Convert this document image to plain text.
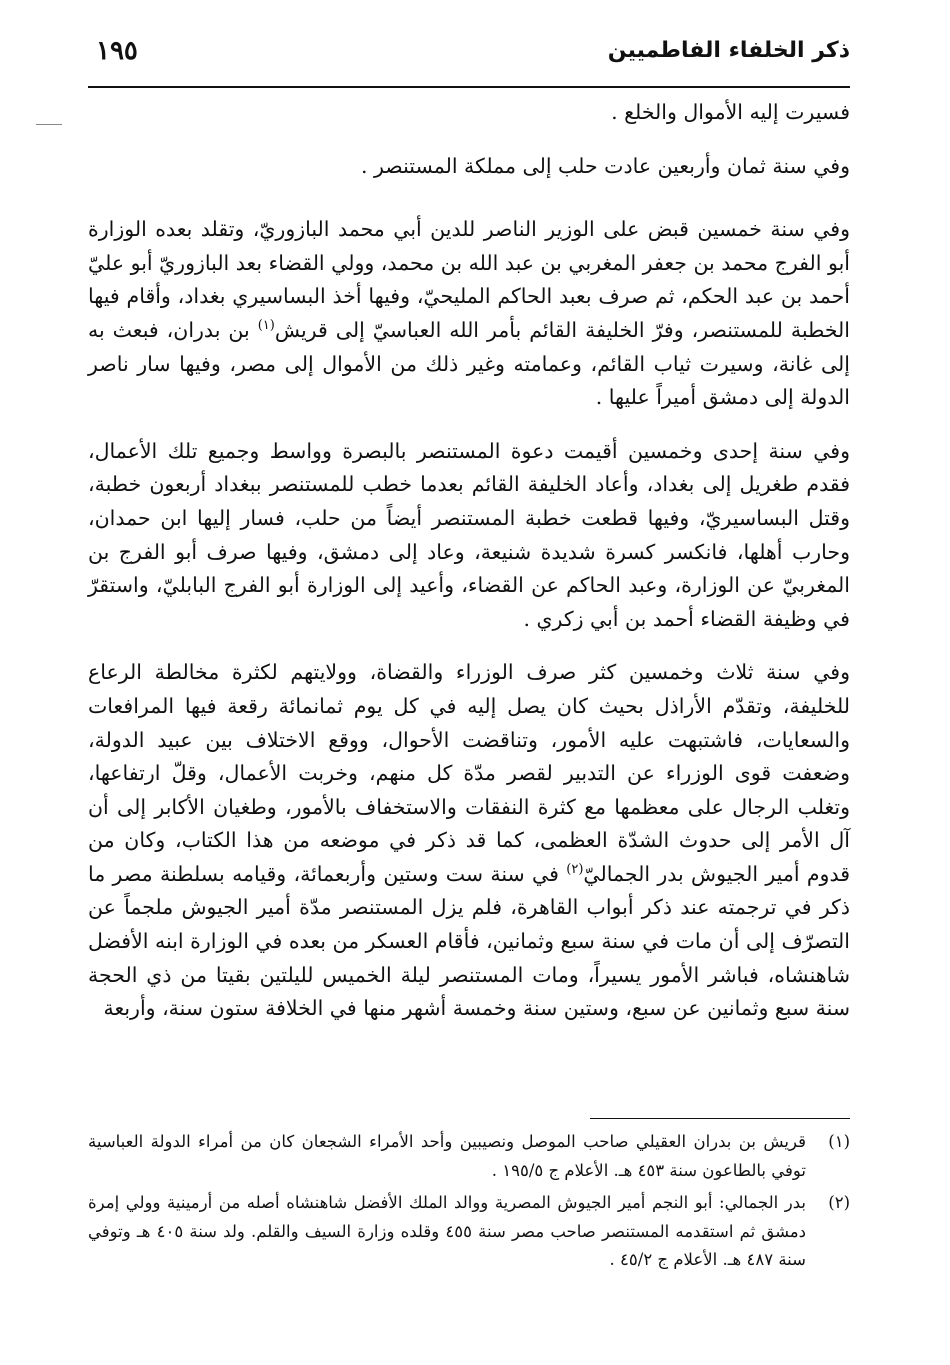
ذكر الخلفاء الفاطميين
١٩٥

فسيرت إليه الأموال والخلع .

وفي سنة ثمان وأربعين عادت حلب إلى مملكة المستنصر .

وفي سنة خمسين قبض على الوزير الناصر للدين أبي محمد البازوريّ، وتقلد بعده الوزارة أبو الفرج محمد بن جعفر المغربي بن عبد الله بن محمد، وولي القضاء بعد البازوريّ أبو عليّ أحمد بن عبد الحكم، ثم صرف بعبد الحاكم المليحيّ، وفيها أخذ البساسيري بغداد، وأقام فيها الخطبة للمستنصر، وفرّ الخليفة القائم بأمر الله العباسيّ إلى قريش$^{(١)}$ بن بدران، فبعث به إلى غانة، وسيرت ثياب القائم، وعمامته وغير ذلك من الأموال إلى مصر، وفيها سار ناصر الدولة إلى دمشق أميراً عليها .

وفي سنة إحدى وخمسين أقيمت دعوة المستنصر بالبصرة وواسط وجميع تلك الأعمال، فقدم طغريل إلى بغداد، وأعاد الخليفة القائم بعدما خطب للمستنصر ببغداد أربعون خطبة، وقتل البساسيريّ، وفيها قطعت خطبة المستنصر أيضاً من حلب، فسار إليها ابن حمدان، وحارب أهلها، فانكسر كسرة شديدة شنيعة، وعاد إلى دمشق، وفيها صرف أبو الفرج بن المغربيّ عن الوزارة، وعبد الحاكم عن القضاء، وأعيد إلى الوزارة أبو الفرج البابليّ، واستقرّ في وظيفة القضاء أحمد بن أبي زكري .

وفي سنة ثلاث وخمسين كثر صرف الوزراء والقضاة، وولايتهم لكثرة مخالطة الرعاع للخليفة، وتقدّم الأراذل بحيث كان يصل إليه في كل يوم ثمانمائة رقعة فيها المرافعات والسعايات، فاشتبهت عليه الأمور، وتناقضت الأحوال، ووقع الاختلاف بين عبيد الدولة، وضعفت قوى الوزراء عن التدبير لقصر مدّة كل منهم، وخربت الأعمال، وقلّ ارتفاعها، وتغلب الرجال على معظمها مع كثرة النفقات والاستخفاف بالأمور، وطغيان الأكابر إلى أن آل الأمر إلى حدوث الشدّة العظمى، كما قد ذكر في موضعه من هذا الكتاب، وكان من قدوم أمير الجيوش بدر الجماليّ$^{(٢)}$ في سنة ست وستين وأربعمائة، وقيامه بسلطنة مصر ما ذكر في ترجمته عند ذكر أبواب القاهرة، فلم يزل المستنصر مدّة أمير الجيوش ملجماً عن التصرّف إلى أن مات في سنة سبع وثمانين، فأقام العسكر من بعده في الوزارة ابنه الأفضل شاهنشاه، فباشر الأمور يسيراً، ومات المستنصر ليلة الخميس لليلتين بقيتا من ذي الحجة سنة سبع وثمانين عن سبع، وستين سنة وخمسة أشهر منها في الخلافة ستون سنة، وأربعة

(١)
قريش بن بدران العقيلي صاحب الموصل ونصيبين وأحد الأمراء الشجعان كان من أمراء الدولة العباسية توفي بالطاعون سنة ٤٥٣ هـ. الأعلام ج ١٩٥/٥ .
(٢)
بدر الجمالي: أبو النجم أمير الجيوش المصرية ووالد الملك الأفضل شاهنشاه أصله من أرمينية وولي إمرة دمشق ثم استقدمه المستنصر صاحب مصر سنة ٤٥٥ وقلده وزارة السيف والقلم. ولد سنة ٤٠٥ هـ وتوفي سنة ٤٨٧ هـ. الأعلام ج ٤٥/٢ .
